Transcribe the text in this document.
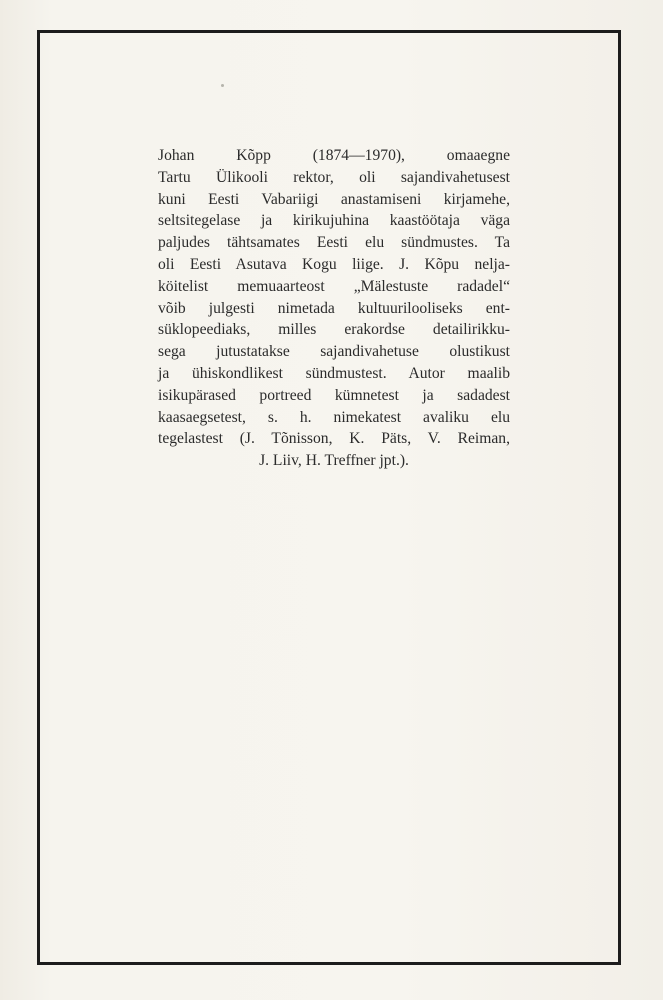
Johan Kõpp (1874—1970), omaaegne
Tartu Ülikooli rektor, oli sajandivahetusest
kuni Eesti Vabariigi anastamiseni kirjamehe,
seltsitegelase ja kirikujuhina kaastöötaja väga
paljudes tähtsamates Eesti elu sündmustes. Ta
oli Eesti Asutava Kogu liige. J. Kõpu nelja-
köitelist memuaarteost „Mälestuste radadel“
võib julgesti nimetada kultuurilooliseks ent-
süklopeediaks, milles erakordse detailirikku-
sega jutustatakse sajandivahetuse olustikust
ja ühiskondlikest sündmustest. Autor maalib
isikupärased portreed kümnetest ja sadadest
kaasaegsetest, s. h. nimekatest avaliku elu
tegelastest (J. Tõnisson, K. Päts, V. Reiman,
J. Liiv, H. Treffner jpt.).
